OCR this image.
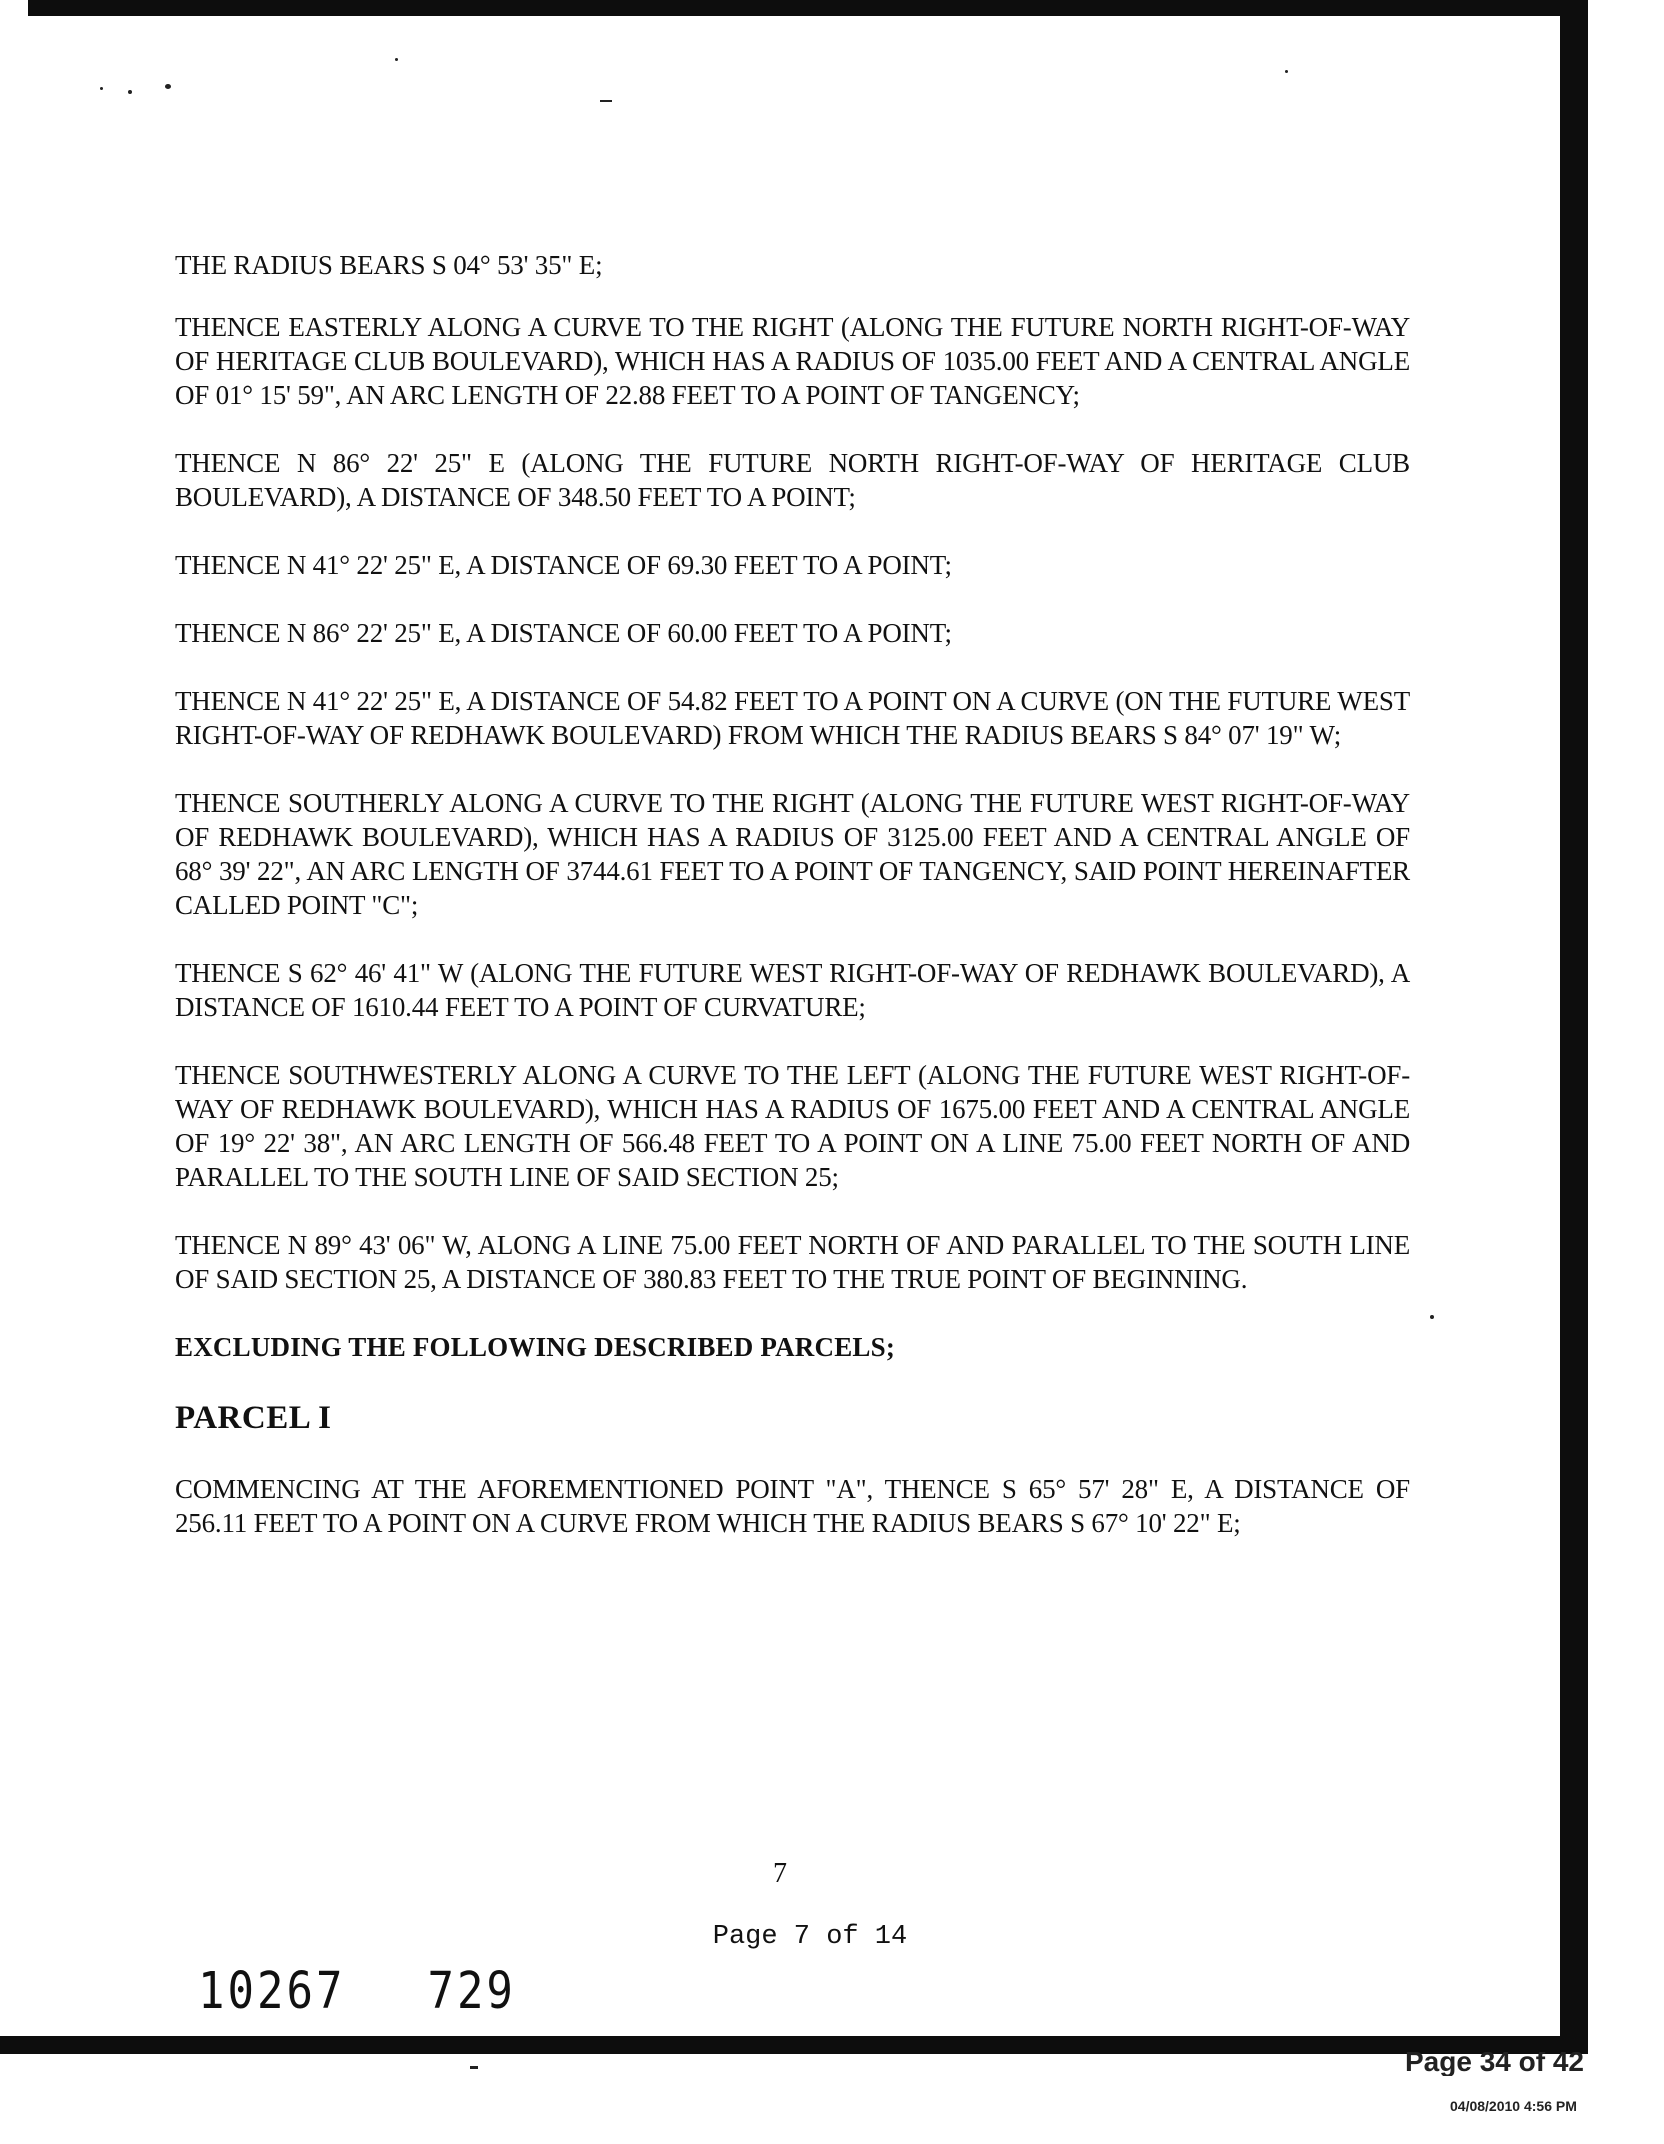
THE RADIUS BEARS S 04° 53' 35" E;

THENCE EASTERLY ALONG A CURVE TO THE RIGHT (ALONG THE FUTURE NORTH RIGHT-OF-WAY OF HERITAGE CLUB BOULEVARD), WHICH HAS A RADIUS OF 1035.00 FEET AND A CENTRAL ANGLE OF 01° 15' 59", AN ARC LENGTH OF 22.88 FEET TO A POINT OF TANGENCY;

THENCE N 86° 22' 25" E (ALONG THE FUTURE NORTH RIGHT-OF-WAY OF HERITAGE CLUB BOULEVARD), A DISTANCE OF 348.50 FEET TO A POINT;

THENCE N 41° 22' 25" E, A DISTANCE OF 69.30 FEET TO A POINT;

THENCE N 86° 22' 25" E, A DISTANCE OF 60.00 FEET TO A POINT;

THENCE N 41° 22' 25" E, A DISTANCE OF 54.82 FEET TO A POINT ON A CURVE (ON THE FUTURE WEST RIGHT-OF-WAY OF REDHAWK BOULEVARD) FROM WHICH THE RADIUS BEARS S 84° 07' 19" W;

THENCE SOUTHERLY ALONG A CURVE TO THE RIGHT (ALONG THE FUTURE WEST RIGHT-OF-WAY OF REDHAWK BOULEVARD), WHICH HAS A RADIUS OF 3125.00 FEET AND A CENTRAL ANGLE OF 68° 39' 22", AN ARC LENGTH OF 3744.61 FEET TO A POINT OF TANGENCY, SAID POINT HEREINAFTER CALLED POINT "C";

THENCE S 62° 46' 41" W (ALONG THE FUTURE WEST RIGHT-OF-WAY OF REDHAWK BOULEVARD), A DISTANCE OF 1610.44 FEET TO A POINT OF CURVATURE;

THENCE SOUTHWESTERLY ALONG A CURVE TO THE LEFT (ALONG THE FUTURE WEST RIGHT-OF-WAY OF REDHAWK BOULEVARD), WHICH HAS A RADIUS OF 1675.00 FEET AND A CENTRAL ANGLE OF 19° 22' 38", AN ARC LENGTH OF 566.48 FEET TO A POINT ON A LINE 75.00 FEET NORTH OF AND PARALLEL TO THE SOUTH LINE OF SAID SECTION 25;

THENCE N 89° 43' 06" W, ALONG A LINE 75.00 FEET NORTH OF AND PARALLEL TO THE SOUTH LINE OF SAID SECTION 25, A DISTANCE OF 380.83 FEET TO THE TRUE POINT OF BEGINNING.

EXCLUDING THE FOLLOWING DESCRIBED PARCELS;

PARCEL I

COMMENCING AT THE AFOREMENTIONED POINT "A", THENCE S 65° 57' 28" E, A DISTANCE OF 256.11 FEET TO A POINT ON A CURVE FROM WHICH THE RADIUS BEARS S 67° 10' 22" E;

7
Page 7 of 14
10267 729
Page 34 of 42
04/08/2010 4:56 PM
